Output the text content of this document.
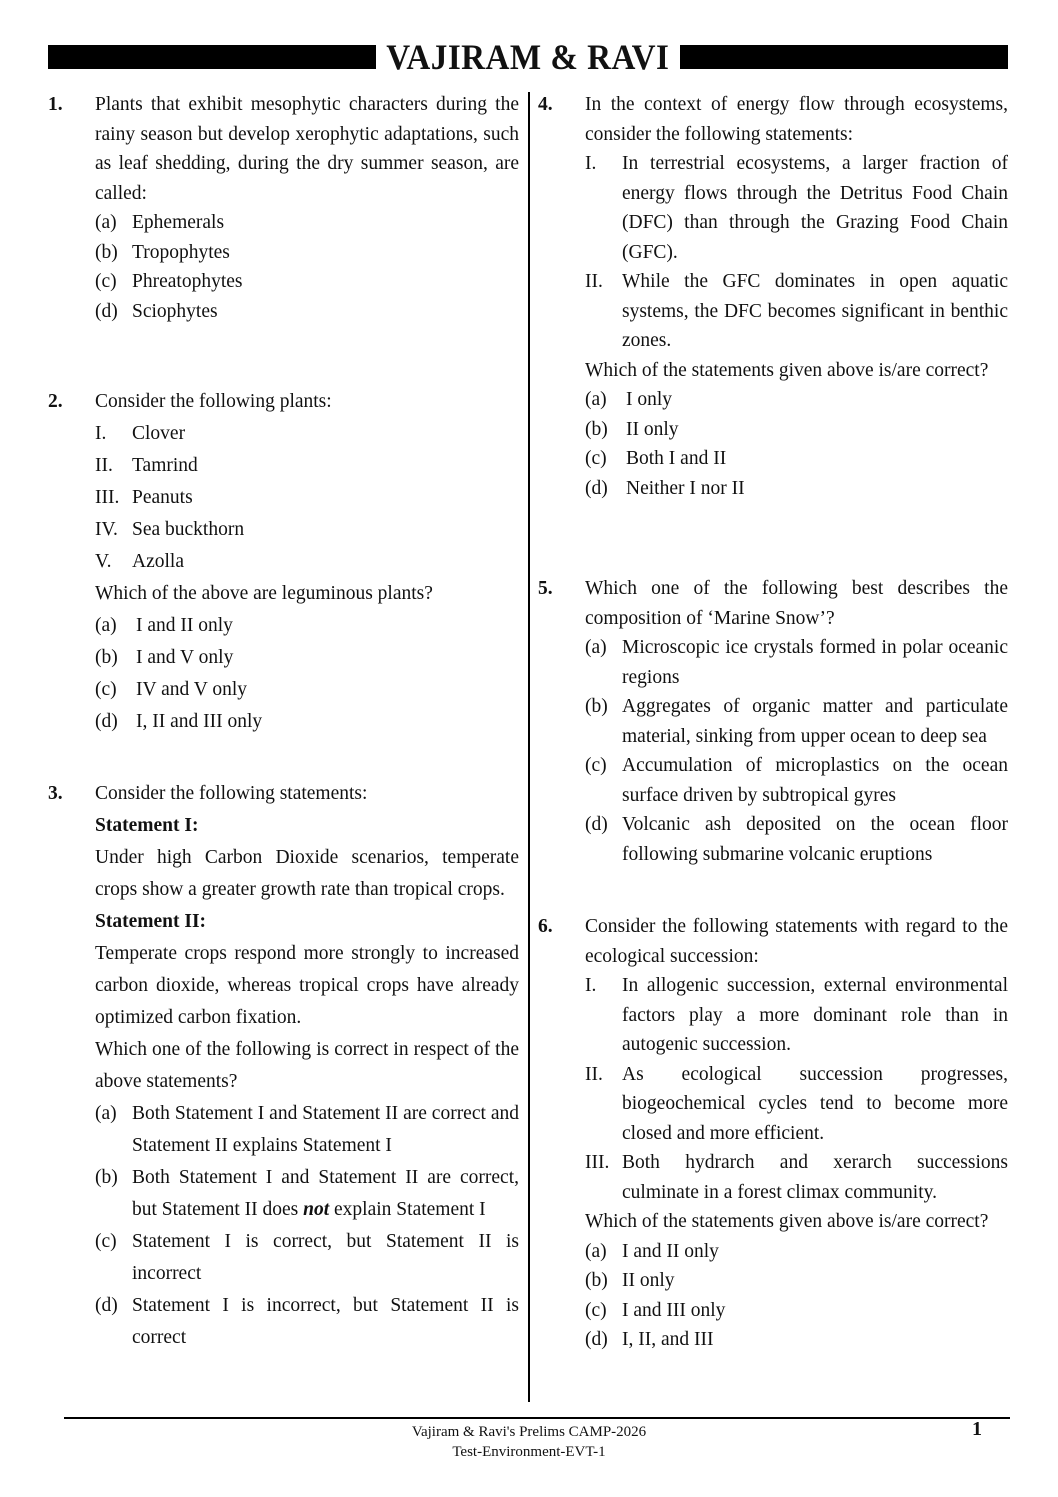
VAJIRAM & RAVI
1. Plants that exhibit mesophytic characters during the rainy season but develop xerophytic adaptations, such as leaf shedding, during the dry summer season, are called:

(a) Ephemerals
(b) Tropophytes
(c) Phreatophytes
(d) Sciophytes
2. Consider the following plants:

I.	Clover
II. Tamrind
III. Peanuts
IV. Sea buckthorn
V.	Azolla

Which of the above are leguminous plants?

(a) I and II only
(b) I and V only
(c) IV and V only
(d) I, II and III only
3. Consider the following statements:

Statement I:

Under high Carbon Dioxide scenarios, temperate crops show a greater growth rate than tropical crops.

Statement II:

Temperate crops respond more strongly to increased carbon dioxide, whereas tropical crops have already optimized carbon fixation.

Which one of the following is correct in respect of the above statements?

(a) Both Statement I and Statement II are correct and Statement II explains Statement I
(b) Both Statement I and Statement II are correct, but Statement II does not explain Statement I
(c) Statement I is correct, but Statement II is incorrect
(d) Statement I is incorrect, but Statement II is correct
4. In the context of energy flow through ecosystems, consider the following statements:

I.	In terrestrial ecosystems, a larger fraction of energy flows through the Detritus Food Chain (DFC) than through the Grazing Food Chain (GFC).
II. While the GFC dominates in open aquatic systems, the DFC becomes significant in benthic zones.

Which of the statements given above is/are correct?

(a) I only
(b) II only
(c) Both I and II
(d) Neither I nor II
5. Which one of the following best describes the composition of ‘Marine Snow’?

(a) Microscopic ice crystals formed in polar oceanic regions
(b) Aggregates of organic matter and particulate material, sinking from upper ocean to deep sea
(c) Accumulation of microplastics on the ocean surface driven by subtropical gyres
(d) Volcanic ash deposited on the ocean floor following submarine volcanic eruptions
6. Consider the following statements with regard to the ecological succession:

I.	In allogenic succession, external environmental factors play a more dominant role than in autogenic succession.
II. As ecological succession progresses, biogeochemical cycles tend to become more closed and more efficient.
III. Both hydrarch and xerarch successions culminate in a forest climax community.

Which of the statements given above is/are correct?

(a) I and II only
(b) II only
(c) I and III only
(d) I, II, and III
Vajiram & Ravi's Prelims CAMP-2026
Test-Environment-EVT-1
1
